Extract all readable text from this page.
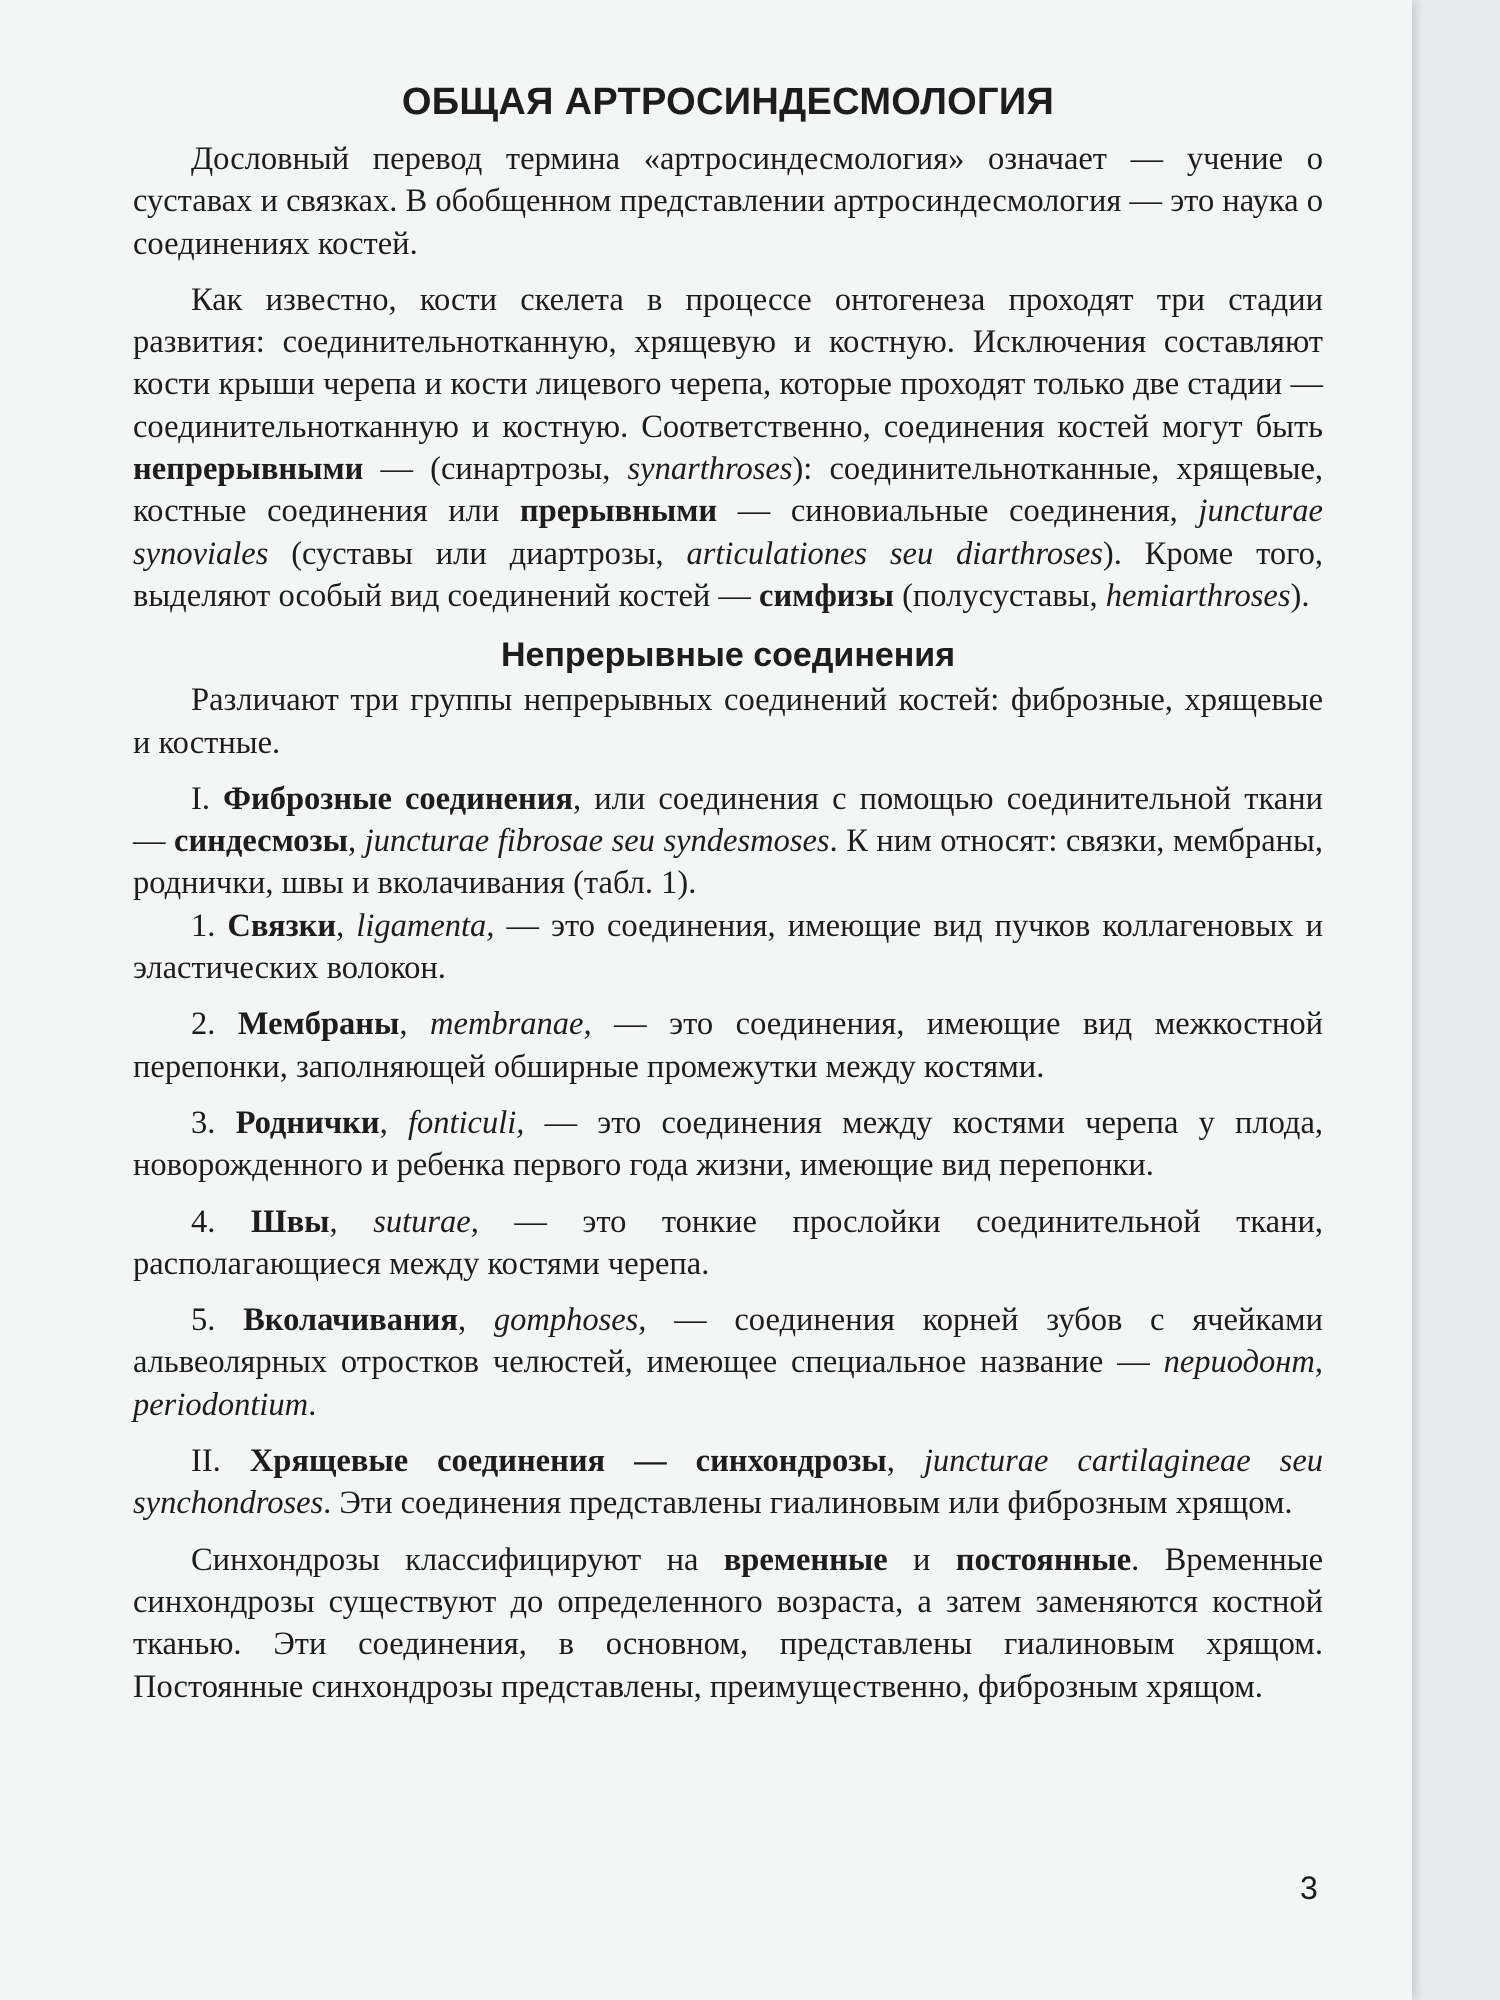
ОБЩАЯ АРТРОСИНДЕСМОЛОГИЯ

Дословный перевод термина «артросиндесмология» означает — учение о суставах и связках. В обобщенном представлении артросиндесмология — это наука о соединениях костей.

Как известно, кости скелета в процессе онтогенеза проходят три стадии развития: соединительнотканную, хрящевую и костную. Исключения составляют кости крыши черепа и кости лицевого черепа, которые проходят только две стадии — соединительнотканную и костную. Соответственно, соединения костей могут быть непрерывными — (синартрозы, synarthroses): соединительнотканные, хрящевые, костные соединения или прерывными — синовиальные соединения, juncturae synoviales (суставы или диартрозы, articulationes seu diarthroses). Кроме того, выделяют особый вид соединений костей — симфизы (полусуставы, hemiarthroses).

Непрерывные соединения

Различают три группы непрерывных соединений костей: фиброзные, хрящевые и костные.

I. Фиброзные соединения, или соединения с помощью соединительной ткани — синдесмозы, juncturae fibrosae seu syndesmoses. К ним относят: связки, мембраны, роднички, швы и вколачивания (табл. 1).

1. Связки, ligamenta, — это соединения, имеющие вид пучков коллагеновых и эластических волокон.

2. Мембраны, membranae, — это соединения, имеющие вид межкостной перепонки, заполняющей обширные промежутки между костями.

3. Роднички, fonticuli, — это соединения между костями черепа у плода, новорожденного и ребенка первого года жизни, имеющие вид перепонки.

4. Швы, suturae, — это тонкие прослойки соединительной ткани, располагающиеся между костями черепа.

5. Вколачивания, gomphoses, — соединения корней зубов с ячейками альвеолярных отростков челюстей, имеющее специальное название — периодонт, periodontium.

II. Хрящевые соединения — синхондрозы, juncturae cartilagineae seu synchondroses. Эти соединения представлены гиалиновым или фиброзным хрящом.

Синхондрозы классифицируют на временные и постоянные. Временные синхондрозы существуют до определенного возраста, а затем заменяются костной тканью. Эти соединения, в основном, представлены гиалиновым хрящом. Постоянные синхондрозы представлены, преимущественно, фиброзным хрящом.

3
